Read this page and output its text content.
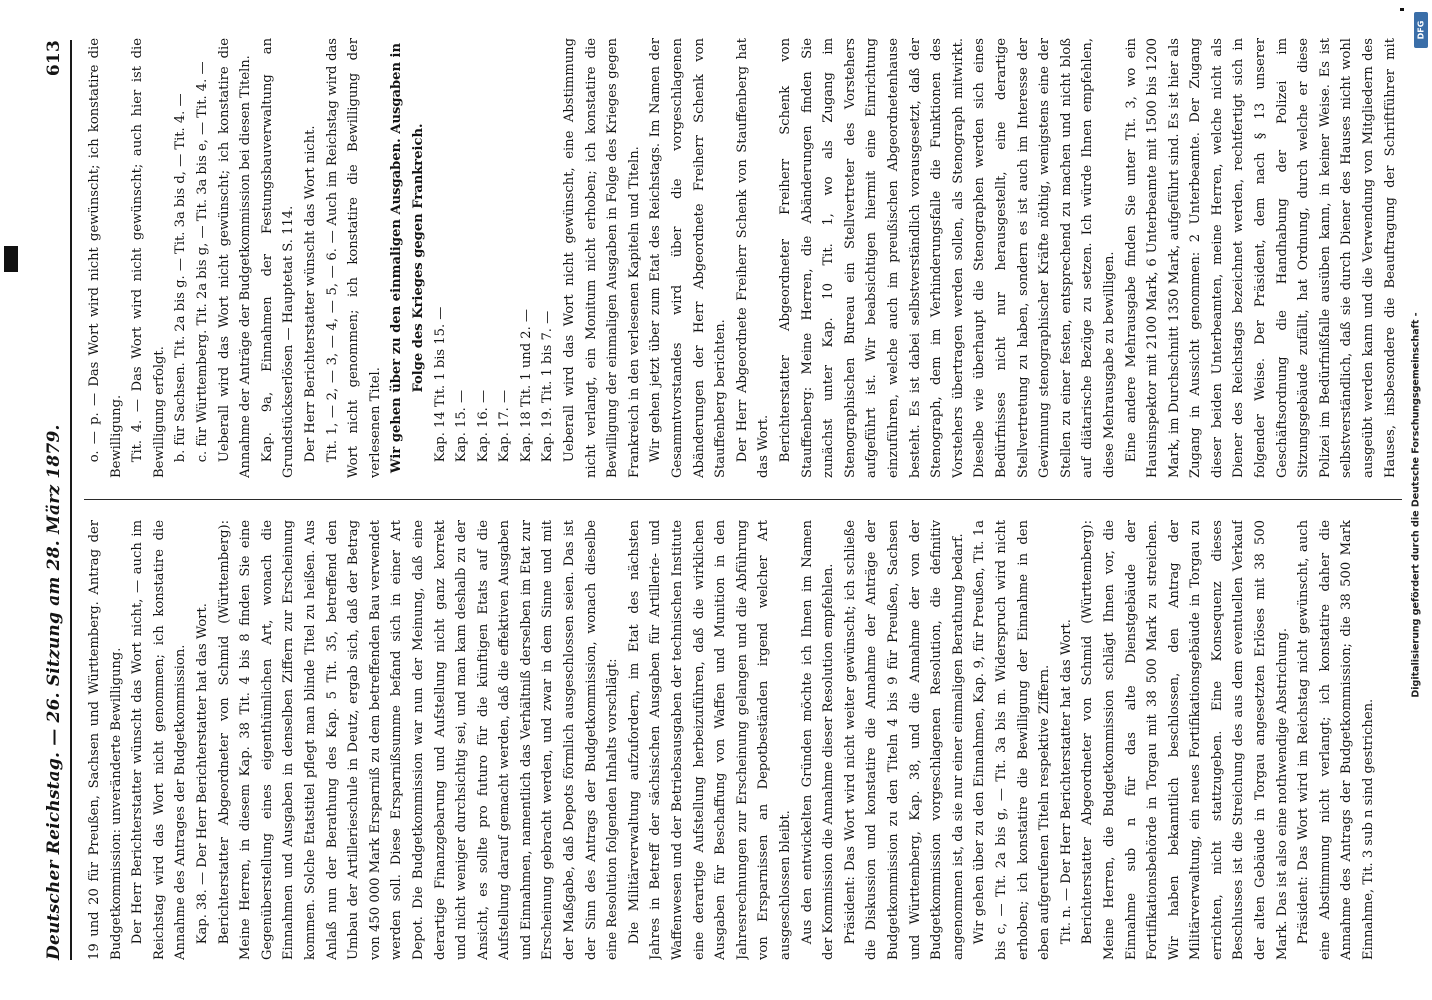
Deutscher Reichstag. — 26. Sitzung am 28. März 1879.
613

19 und 20 für Preußen, Sachsen und Württemberg. Antrag der Budgetkommission: unveränderte Bewilligung. Der Herr Berichterstatter wünscht das Wort nicht, — auch im Reichstag wird das Wort nicht genommen; ich konstatire die Annahme des Antrages der Budgetkommission. Kap. 38. — Der Herr Berichterstatter hat das Wort. Berichterstatter Abgeordneter von Schmid (Württemberg): Meine Herren, in diesem Kap. 38 Tit. 4 bis 8 finden Sie eine Gegenüberstellung eines eigenthümlichen Art, wonach die Einnahmen und Ausgaben in denselben Ziffern zur Erscheinung kommen. Solche Etatstitel pflegt man blinde Titel zu heißen. Aus Anlaß nun der Berathung des Kap. 5 Tit. 35, betreffend den Umbau der Artillerieschule in Deutz, ergab sich, daß der Betrag von 450 000 Mark Ersparniß zu dem betreffenden Bau verwendet werden soll. Diese Ersparnißsumme befand sich in einer Art Depot. Die Budgetkommission war nun der Meinung, daß eine derartige Finanzgebarung und Aufstellung nicht ganz korrekt und nicht weniger durchsichtig sei, und man kam deshalb zu der Ansicht, es sollte pro futuro für die künftigen Etats auf die Aufstellung darauf gemacht werden, daß die effektiven Ausgaben und Einnahmen, namentlich das Verhältniß derselben im Etat zur Erscheinung gebracht werden, und zwar in dem Sinne und mit der Maßgabe, daß Depots förmlich ausgeschlossen seien. Das ist der Sinn des Antrags der Budgetkommission, wonach dieselbe eine Resolution folgenden Inhalts vorschlägt: Die Militärverwaltung aufzufordern, im Etat des nächsten Jahres in Betreff der sächsischen Ausgaben für Artillerie- und Waffenwesen und der Betriebsausgaben der technischen Institute eine derartige Aufstellung herbeizuführen, daß die wirklichen Ausgaben für Beschaffung von Waffen und Munition in den Jahresrechnungen zur Erscheinung gelangen und die Abführung von Ersparnissen an Depotbeständen irgend welcher Art ausgeschlossen bleibt. Aus den entwickelten Gründen möchte ich Ihnen im Namen der Kommission die Annahme dieser Resolution empfehlen. Präsident: Das Wort wird nicht weiter gewünscht; ich schließe die Diskussion und konstatire die Annahme der Anträge der Budgetkommission zu den Titeln 4 bis 9 für Preußen, Sachsen und Württemberg, Kap. 38, und die Annahme der von der Budgetkommission vorgeschlagenen Resolution, die definitiv angenommen ist, da sie nur einer einmaligen Berathung bedarf. Wir gehen über zu den Einnahmen, Kap. 9, für Preußen, Tit. 1a bis c, — Tit. 2a bis g, — Tit. 3a bis m. Widerspruch wird nicht erhoben; ich konstatire die Bewilligung der Einnahme in den eben aufgerufenen Titeln respektive Ziffern. Tit. n. — Der Herr Berichterstatter hat das Wort. Berichterstatter Abgeordneter von Schmid (Württemberg): Meine Herren, die Budgetkommission schlägt Ihnen vor, die Einnahme sub n für das alte Dienstgebäude der Fortifikationsbehörde in Torgau mit 38 500 Mark zu streichen. Wir haben bekanntlich beschlossen, den Antrag der Militärverwaltung, ein neues Fortifikationsgebäude in Torgau zu errichten, nicht stattzugeben. Eine Konsequenz dieses Beschlusses ist die Streichung des aus dem eventuellen Verkauf der alten Gebäude in Torgau angesetzten Erlöses mit 38 500 Mark. Das ist also eine nothwendige Abstrichung. Präsident: Das Wort wird im Reichstag nicht gewünscht, auch eine Abstimmung nicht verlangt; ich konstatire daher die Annahme des Antrags der Budgetkommission; die 38 500 Mark Einnahme, Tit. 3 sub n sind gestrichen.

o. — p. — Das Wort wird nicht gewünscht; ich konstatire die Bewilligung. Tit. 4. — Das Wort wird nicht gewünscht; auch hier ist die Bewilligung erfolgt. b. für Sachsen. Tit. 2a bis g. — Tit. 3a bis d, — Tit. 4. — c. für Württemberg. Tit. 2a bis g, — Tit. 3a bis e, — Tit. 4. — Ueberall wird das Wort nicht gewünscht; ich konstatire die Annahme der Anträge der Budgetkommission bei diesen Titeln. Kap. 9a, Einnahmen der Festungsbauverwaltung an Grundstückserlösen — Hauptetat S. 114. Der Herr Berichterstatter wünscht das Wort nicht. Tit. 1, — 2, — 3, — 4, — 5, — 6. — Auch im Reichstag wird das Wort nicht genommen; ich konstatire die Bewilligung der verlesenen Titel. Wir gehen über zu den einmaligen Ausgaben. Ausgaben in Folge des Krieges gegen Frankreich. Kap. 14 Tit. 1 bis 15. — Kap. 15. — Kap. 16. — Kap. 17. — Kap. 18 Tit. 1 und 2. — Kap. 19. Tit. 1 bis 7. — Ueberall wird das Wort nicht gewünscht, eine Abstimmung nicht verlangt, ein Monitum nicht erhoben; ich konstatire die Bewilligung der einmaligen Ausgaben in Folge des Krieges gegen Frankreich in den verlesenen Kapiteln und Titeln. Wir gehen jetzt über zum Etat des Reichstags. Im Namen der Gesammtvorstandes wird über die vorgeschlagenen Abänderungen der Herr Abgeordnete Freiherr Schenk von Stauffenberg berichten. Der Herr Abgeordnete Freiherr Schenk von Stauffenberg hat das Wort. Berichterstatter Abgeordneter Freiherr Schenk von Stauffenberg: Meine Herren, die Abänderungen finden Sie zunächst unter Kap. 10 Tit. 1, wo als Zugang im Stenographischen Bureau ein Stellvertreter des Vorstehers aufgeführt ist. Wir beabsichtigen hiermit eine Einrichtung einzuführen, welche auch im preußischen Abgeordnetenhause besteht. Es ist dabei selbstverständlich vorausgesetzt, daß der Stenograph, dem im Verhinderungsfalle die Funktionen des Vorstehers übertragen werden sollen, als Stenograph mitwirkt. Dieselbe wie überhaupt die Stenographen werden sich eines Bedürfnisses nicht nur herausgestellt, eine derartige Stellvertretung zu haben, sondern es ist auch im Interesse der Gewinnung stenographischer Kräfte nöthig, wenigstens eine der Stellen zu einer festen, entsprechend zu machen und nicht bloß auf diätarische Bezüge zu setzen. Ich würde Ihnen empfehlen, diese Mehrausgabe zu bewilligen. Eine andere Mehrausgabe finden Sie unter Tit. 3, wo ein Hausinspektor mit 2100 Mark, 6 Unterbeamte mit 1500 bis 1200 Mark, im Durchschnitt 1350 Mark, aufgeführt sind. Es ist hier als Zugang in Aussicht genommen: 2 Unterbeamte. Der Zugang dieser beiden Unterbeamten, meine Herren, welche nicht als Diener des Reichstags bezeichnet werden, rechtfertigt sich in folgender Weise. Der Präsident, dem nach § 13 unserer Geschäftsordnung die Handhabung der Polizei im Sitzungsgebäude zufällt, hat Ordnung, durch welche er diese Polizei im Bedürfnißfalle ausüben kann, in keiner Weise. Es ist selbstverständlich, daß sie durch Diener des Hauses nicht wohl ausgeübt werden kann und die Verwendung von Mitgliedern des Hauses, insbesondere die Beauftragung der Schriftführer mit

Digitalisierung gefördert durch die Deutsche Forschungsgemeinschaft -
DFG
